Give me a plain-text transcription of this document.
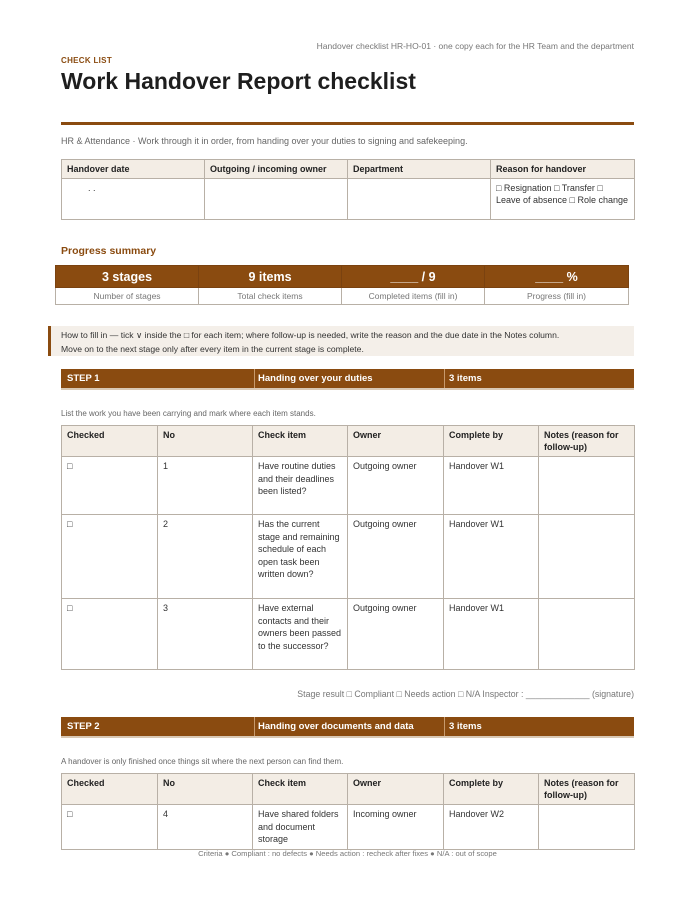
Handover checklist HR-HO-01 · one copy each for the HR Team and the department
CHECK LIST
Work Handover Report checklist
HR & Attendance · Work through it in order, from handing over your duties to signing and safekeeping.
Handover date	Outgoing / incoming owner	Department	Reason for handover
. .			□ Resignation □ Transfer □ Leave of absence □ Role change
Progress summary
3 stages	9 items	____ / 9	____ %
Number of stages	Total check items	Completed items (fill in)	Progress (fill in)
How to fill in — tick ∨ inside the □ for each item; where follow-up is needed, write the reason and the due date in the Notes column.
Move on to the next stage only after every item in the current stage is complete.
STEP 1	Handing over your duties	3 items
List the work you have been carrying and mark where each item stands.
Checked	No	Check item	Owner	Complete by	Notes (reason for follow-up)
□	1	Have routine duties and their deadlines been listed?	Outgoing owner	Handover W1	
□	2	Has the current stage and remaining schedule of each open task been written down?	Outgoing owner	Handover W1	
□	3	Have external contacts and their owners been passed to the successor?	Outgoing owner	Handover W1	
Stage result □ Compliant □ Needs action □ N/A Inspector : _____________ (signature)
STEP 2	Handing over documents and data	3 items
A handover is only finished once things sit where the next person can find them.
Checked	No	Check item	Owner	Complete by	Notes (reason for follow-up)
□	4	Have shared folders and document storage	Incoming owner	Handover W2	
Criteria ● Compliant : no defects ● Needs action : recheck after fixes ● N/A : out of scope
